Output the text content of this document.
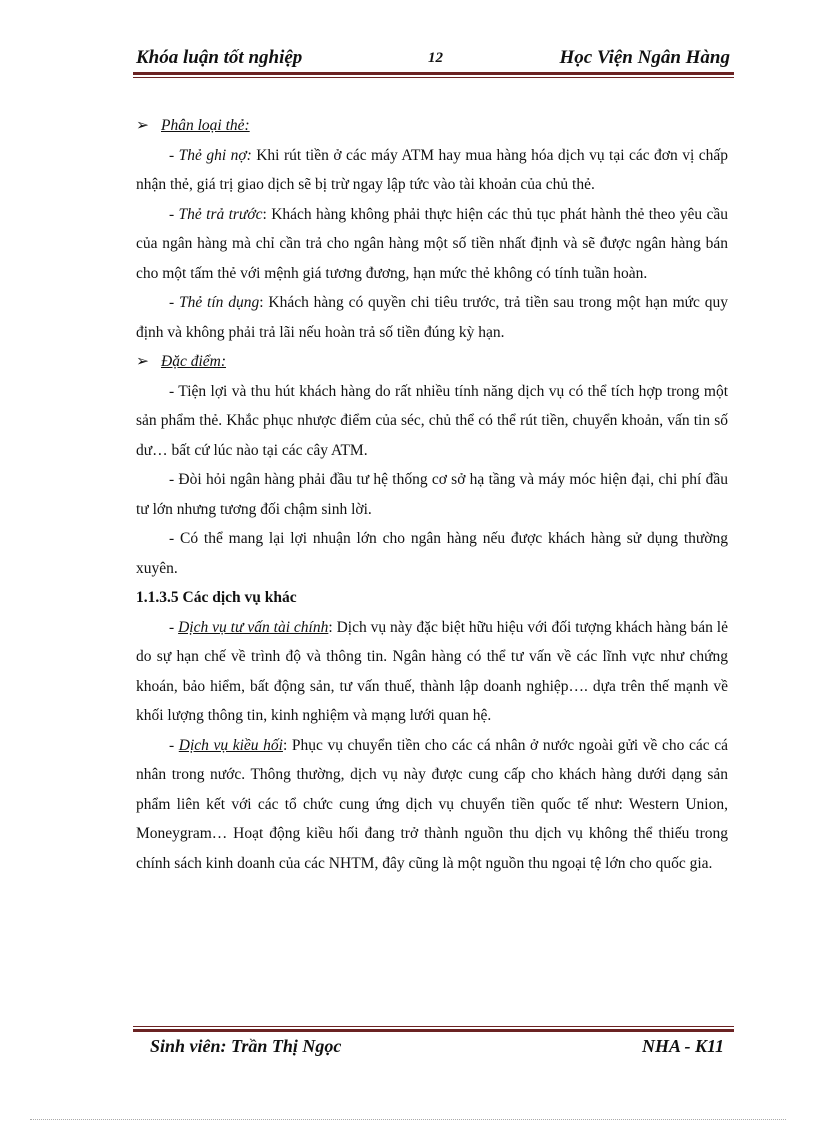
Khóa luận tốt nghiệp	12	Học Viện Ngân Hàng

➢ Phân loại thẻ:

- Thẻ ghi nợ: Khi rút tiền ở các máy ATM hay mua hàng hóa dịch vụ tại các đơn vị chấp nhận thẻ, giá trị giao dịch sẽ bị trừ ngay lập tức vào tài khoản của chủ thẻ.

- Thẻ trả trước: Khách hàng không phải thực hiện các thủ tục phát hành thẻ theo yêu cầu của ngân hàng mà chỉ cần trả cho ngân hàng một số tiền nhất định và sẽ được ngân hàng bán cho một tấm thẻ với mệnh giá tương đương, hạn mức thẻ không có tính tuần hoàn.

- Thẻ tín dụng: Khách hàng có quyền chi tiêu trước, trả tiền sau trong một hạn mức quy định và không phải trả lãi nếu hoàn trả số tiền đúng kỳ hạn.

➢ Đặc điểm:

- Tiện lợi và thu hút khách hàng do rất nhiều tính năng dịch vụ có thể tích hợp trong một sản phẩm thẻ. Khắc phục nhược điểm của séc, chủ thể có thể rút tiền, chuyển khoản, vấn tin số dư… bất cứ lúc nào tại các cây ATM.

- Đòi hỏi ngân hàng phải đầu tư hệ thống cơ sở hạ tầng và máy móc hiện đại, chi phí đầu tư lớn nhưng tương đối chậm sinh lời.

- Có thể mang lại lợi nhuận lớn cho ngân hàng nếu được khách hàng sử dụng thường xuyên.

1.1.3.5 Các dịch vụ khác

- Dịch vụ tư vấn tài chính: Dịch vụ này đặc biệt hữu hiệu với đối tượng khách hàng bán lẻ do sự hạn chế về trình độ và thông tin. Ngân hàng có thể tư vấn về các lĩnh vực như chứng khoán, bảo hiểm, bất động sản, tư vấn thuế, thành lập doanh nghiệp…. dựa trên thế mạnh về khối lượng thông tin, kinh nghiệm và mạng lưới quan hệ.

- Dịch vụ kiều hối: Phục vụ chuyển tiền cho các cá nhân ở nước ngoài gửi về cho các cá nhân trong nước. Thông thường, dịch vụ này được cung cấp cho khách hàng dưới dạng sản phẩm liên kết với các tổ chức cung ứng dịch vụ chuyển tiền quốc tế như: Western Union, Moneygram… Hoạt động kiều hối đang trở thành nguồn thu dịch vụ không thể thiếu trong chính sách kinh doanh của các NHTM, đây cũng là một nguồn thu ngoại tệ lớn cho quốc gia.

Sinh viên: Trần Thị Ngọc	NHA - K11
